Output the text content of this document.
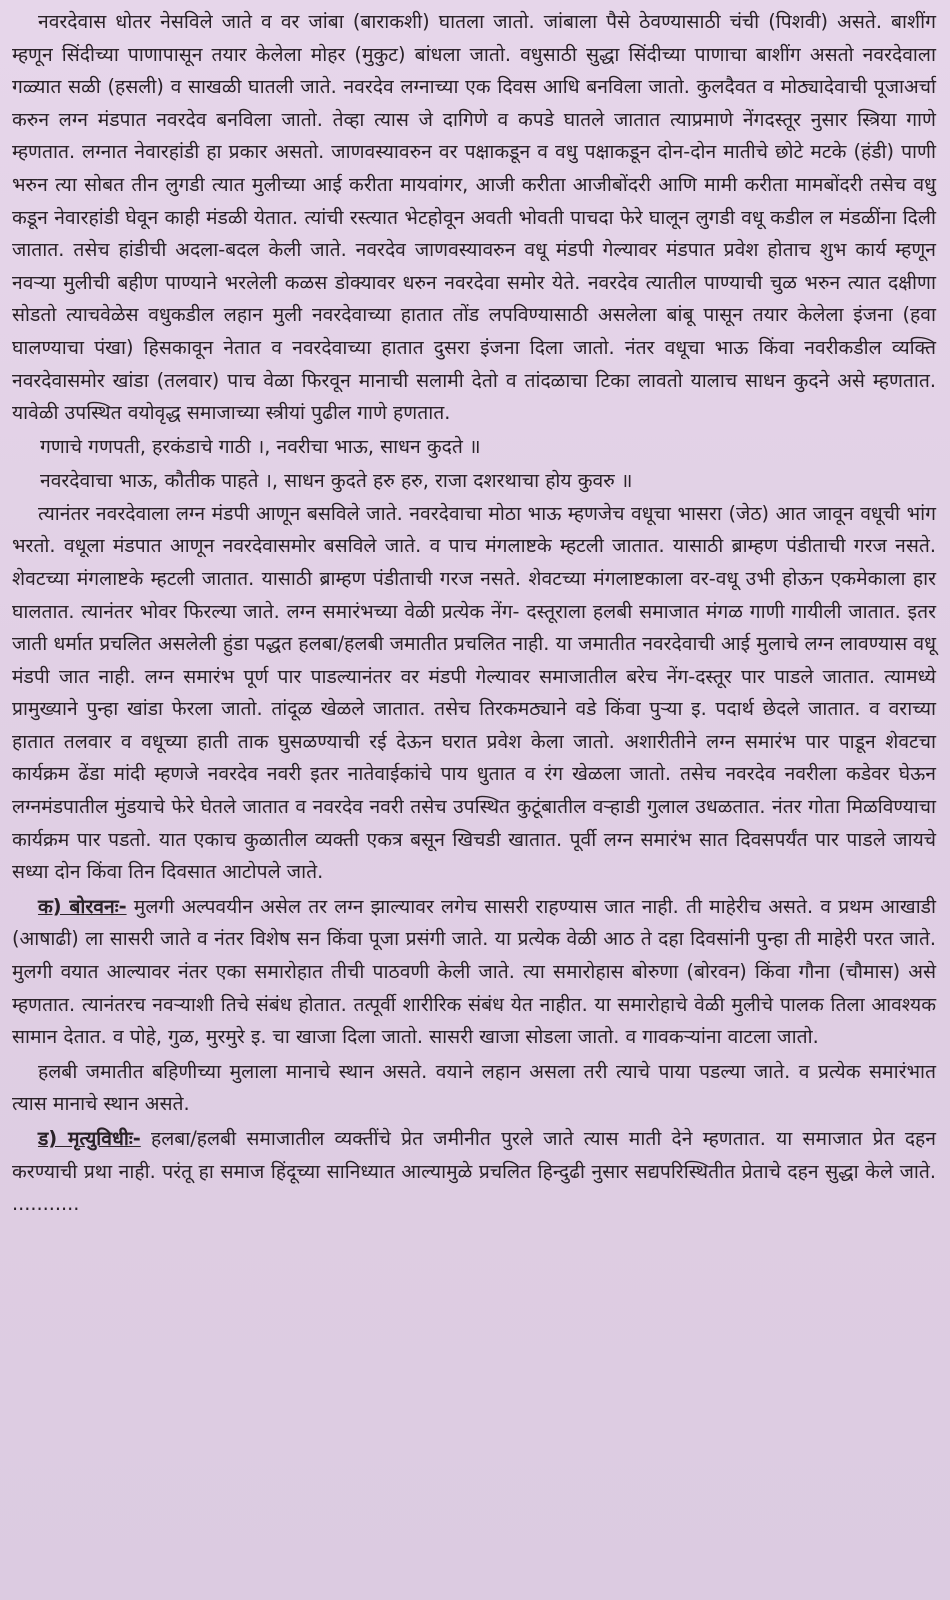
नवरदेवास धोतर नेसविले जाते व वर जांबा (बाराकशी) घातला जातो. जांबाला पैसे ठेवण्यासाठी चंची (पिशवी) असते. बाशींग म्हणून सिंदीच्या पाणापासून तयार केलेला मोहर (मुकुट) बांधला जातो. वधुसाठी सुद्धा सिंदीच्या पाणाचा बाशींग असतो नवरदेवाला गळ्यात सळी (हसली) व साखळी घातली जाते. नवरदेव लग्नाच्या एक दिवस आधि बनविला जातो. कुलदैवत व मोठ्यादेवाची पूजाअर्चा करुन लग्न मंडपात नवरदेव बनविला जातो. तेव्हा त्यास जे दागिणे व कपडे घातले जातात त्याप्रमाणे नेंगदस्तूर नुसार स्त्रिया गाणे म्हणतात. लग्नात नेवारहांडी हा प्रकार असतो. जाणवस्यावरुन वर पक्षाकडून व वधु पक्षाकडून दोन-दोन मातीचे छोटे मटके (हंडी) पाणी भरुन त्या सोबत तीन लुगडी त्यात मुलीच्या आई करीता मायवांगर, आजी करीता आजीबोंदरी आणि मामी करीता मामबोंदरी तसेच वधु कडून नेवारहांडी घेवून काही मंडळी येतात. त्यांची रस्त्यात भेटहोवून अवती भोवती पाचदा फेरे घालून लुगडी वधू कडील ल मंडळींना दिली जातात. तसेच हांडीची अदला-बदल केली जाते. नवरदेव जाणवस्यावरुन वधू मंडपी गेल्यावर मंडपात प्रवेश होताच शुभ कार्य म्हणून नवऱ्या मुलीची बहीण पाण्याने भरलेली कळस डोक्यावर धरुन नवरदेवा समोर येते. नवरदेव त्यातील पाण्याची चुळ भरुन त्यात दक्षीणा सोडतो त्याचवेळेस वधुकडील लहान मुली नवरदेवाच्या हातात तोंड लपविण्यासाठी असलेला बांबू पासून तयार केलेला इंजना (हवा घालण्याचा पंखा) हिसकावून नेतात व नवरदेवाच्या हातात दुसरा इंजना दिला जातो. नंतर वधूचा भाऊ किंवा नवरीकडील व्यक्ति नवरदेवासमोर खांडा (तलवार) पाच वेळा फिरवून मानाची सलामी देतो व तांदळाचा टिका लावतो यालाच साधन कुदने असे म्हणतात. यावेळी उपस्थित वयोवृद्ध समाजाच्या स्त्रीयां पुढील गाणे हणतात.

गणाचे गणपती, हरकंडाचे गाठी ।, नवरीचा भाऊ, साधन कुदते ॥

नवरदेवाचा भाऊ, कौतीक पाहते ।, साधन कुदते हरु हरु, राजा दशरथाचा होय कुवरु ॥

त्यानंतर नवरदेवाला लग्न मंडपी आणून बसविले जाते. नवरदेवाचा मोठा भाऊ म्हणजेच वधूचा भासरा (जेठ) आत जावून वधूची भांग भरतो. वधूला मंडपात आणून नवरदेवासमोर बसविले जाते. व पाच मंगलाष्टके म्हटली जातात. यासाठी ब्राम्हण पंडीताची गरज नसते. शेवटच्या मंगलाष्टके म्हटली जातात. यासाठी ब्राम्हण पंडीताची गरज नसते. शेवटच्या मंगलाष्टकाला वर-वधू उभी होऊन एकमेकाला हार घालतात. त्यानंतर भोवर फिरल्या जाते. लग्न समारंभच्या वेळी प्रत्येक नेंग- दस्तूराला हलबी समाजात मंगळ गाणी गायीली जातात. इतर जाती धर्मात प्रचलित असलेली हुंडा पद्धत हलबा/हलबी जमातीत प्रचलित नाही. या जमातीत नवरदेवाची आई मुलाचे लग्न लावण्यास वधू मंडपी जात नाही. लग्न समारंभ पूर्ण पार पाडल्यानंतर वर मंडपी गेल्यावर समाजातील बरेच नेंग-दस्तूर पार पाडले जातात. त्यामध्ये प्रामुख्याने पुन्हा खांडा फेरला जातो. तांदूळ खेळले जातात. तसेच तिरकमठ्याने वडे किंवा पुऱ्या इ. पदार्थ छेदले जातात. व वराच्या हातात तलवार व वधूच्या हाती ताक घुसळण्याची रई देऊन घरात प्रवेश केला जातो. अशारीतीने लग्न समारंभ पार पाडून शेवटचा कार्यक्रम ढेंडा मांदी म्हणजे नवरदेव नवरी इतर नातेवाईकांचे पाय धुतात व रंग खेळला जातो. तसेच नवरदेव नवरीला कडेवर घेऊन लग्नमंडपातील मुंडयाचे फेरे घेतले जातात व नवरदेव नवरी तसेच उपस्थित कुटूंबातील वऱ्हाडी गुलाल उधळतात. नंतर गोता मिळविण्याचा कार्यक्रम पार पडतो. यात एकाच कुळातील व्यक्ती एकत्र बसून खिचडी खातात. पूर्वी लग्न समारंभ सात दिवसपर्यंत पार पाडले जायचे सध्या दोन किंवा तिन दिवसात आटोपले जाते.

क) बोरवनः- मुलगी अल्पवयीन असेल तर लग्न झाल्यावर लगेच सासरी राहण्यास जात नाही. ती माहेरीच असते. व प्रथम आखाडी (आषाढी) ला सासरी जाते व नंतर विशेष सन किंवा पूजा प्रसंगी जाते. या प्रत्येक वेळी आठ ते दहा दिवसांनी पुन्हा ती माहेरी परत जाते. मुलगी वयात आल्यावर नंतर एका समारोहात तीची पाठवणी केली जाते. त्या समारोहास बोरुणा (बोरवन) किंवा गौना (चौमास) असे म्हणतात. त्यानंतरच नवऱ्याशी तिचे संबंध होतात. तत्पूर्वी शारीरिक संबंध येत नाहीत. या समारोहाचे वेळी मुलीचे पालक तिला आवश्यक सामान देतात. व पोहे, गुळ, मुरमुरे इ. चा खाजा दिला जातो. सासरी खाजा सोडला जातो. व गावकऱ्यांना वाटला जातो.

हलबी जमातीत बहिणीच्या मुलाला मानाचे स्थान असते. वयाने लहान असला तरी त्याचे पाया पडल्या जाते. व प्रत्येक समारंभात त्यास मानाचे स्थान असते.

ड) मृत्युविधीः- हलबा/हलबी समाजातील व्यक्तींचे प्रेत जमीनीत पुरले जाते त्यास माती देने म्हणतात. या समाजात प्रेत दहन करण्याची प्रथा नाही. परंतू हा समाज हिंदूच्या सानिध्यात आल्यामुळे प्रचलित हिन्दुढी नुसार सद्यपरिस्थितीत प्रेताचे दहन सुद्धा केले जाते. ...........
